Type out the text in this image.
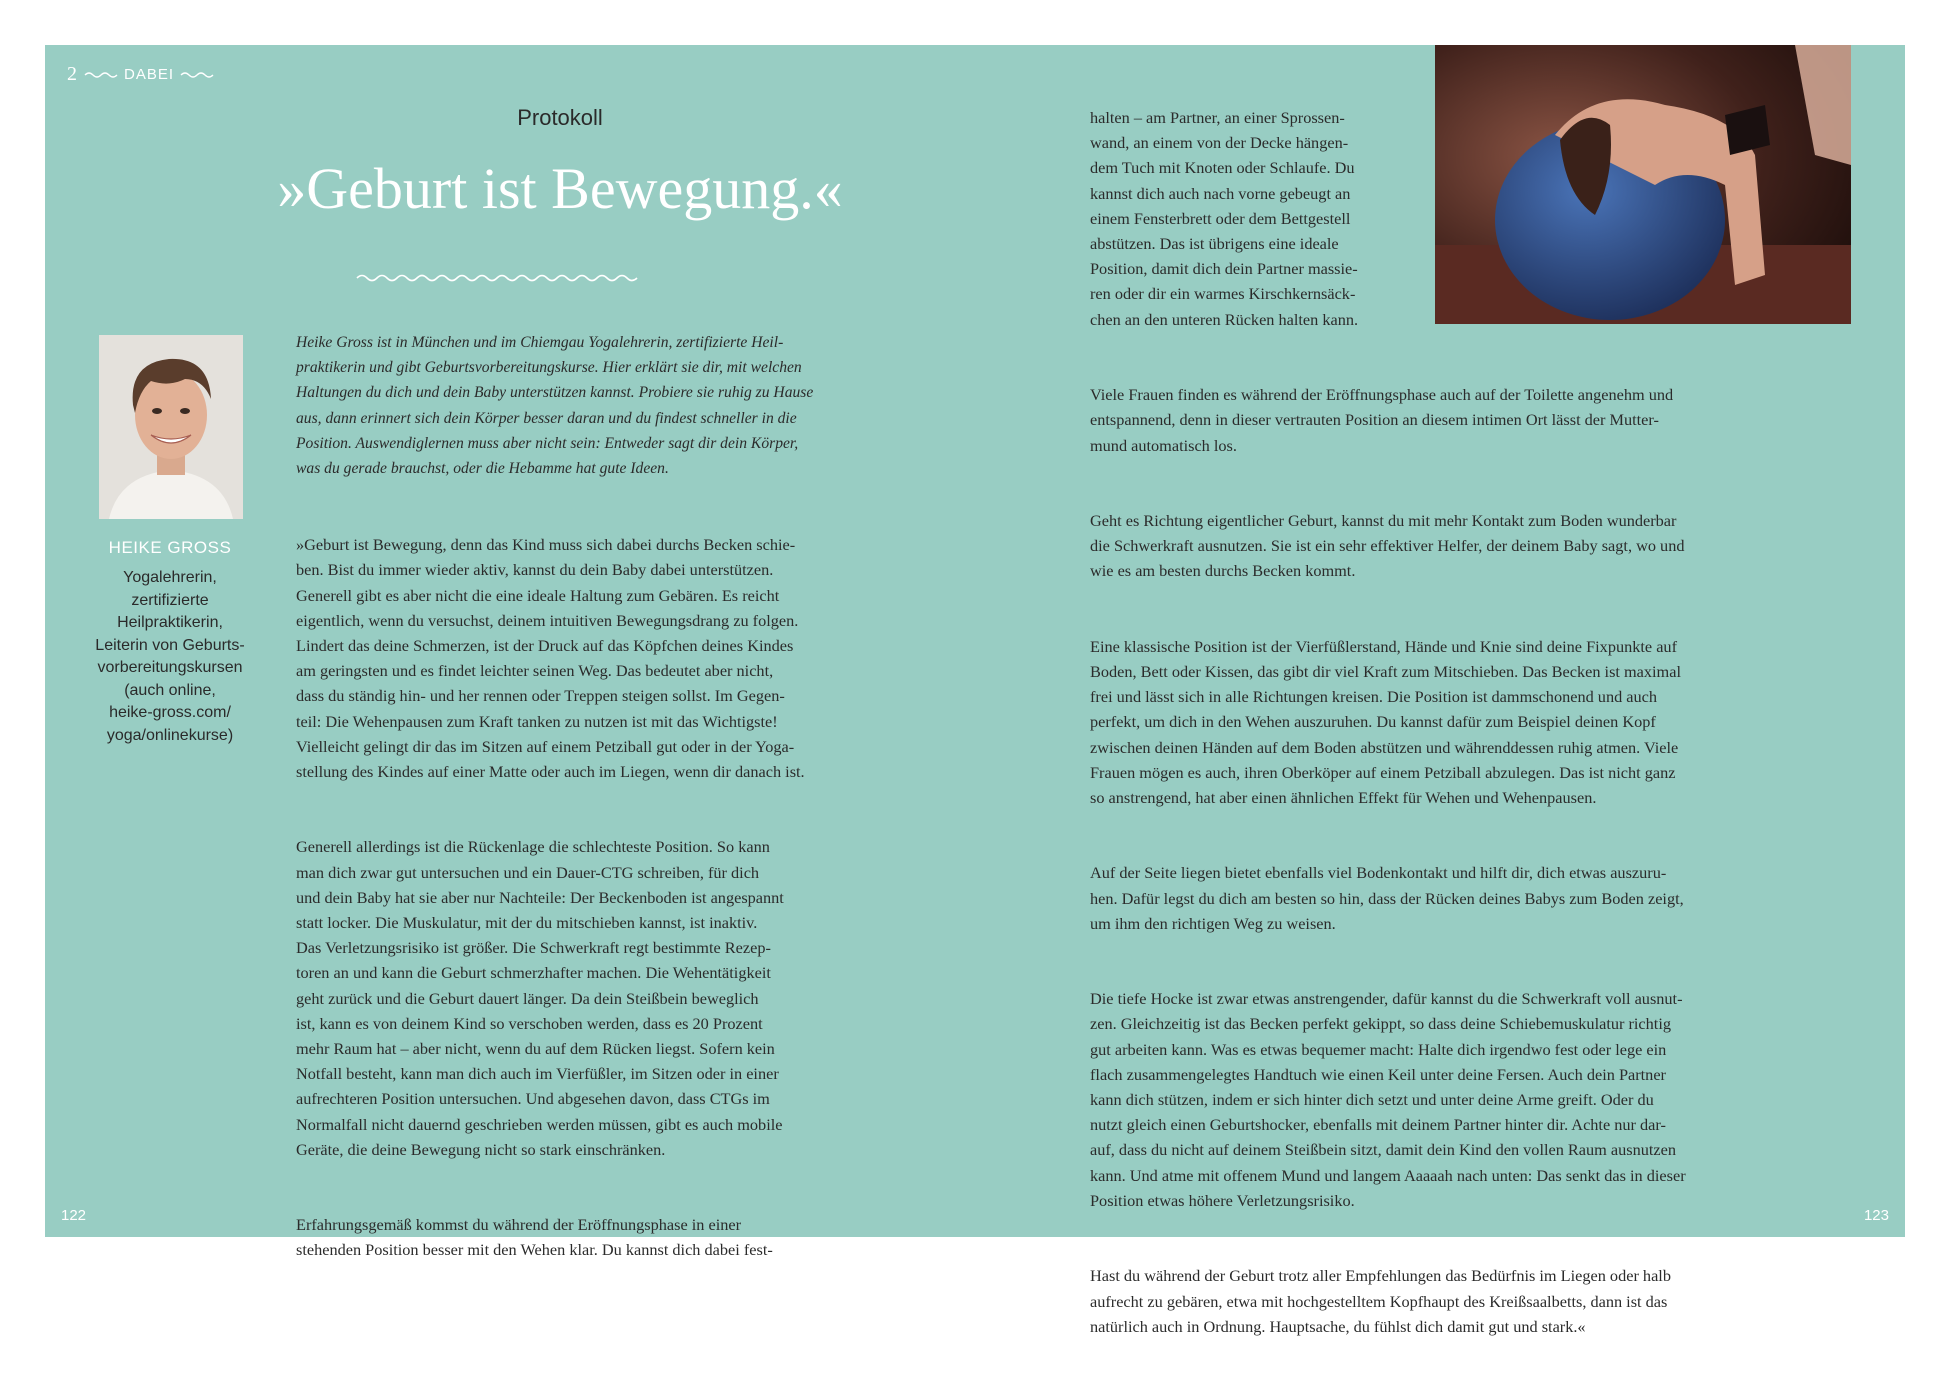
2	DABEI
Protokoll
»Geburt ist Bewegung.«
HEIKE GROSS
Yogalehrerin,
zertifizierte
Heilpraktikerin,
Leiterin von Geburts-
vorbereitungskursen
(auch online,
heike-gross.com/
yoga/onlinekurse)
Heike Gross ist in München und im Chiemgau Yogalehrerin, zertifizierte Heil-
praktikerin und gibt Geburtsvorbereitungskurse. Hier erklärt sie dir, mit welchen
Haltungen du dich und dein Baby unterstützen kannst. Probiere sie ruhig zu Hause
aus, dann erinnert sich dein Körper besser daran und du findest schneller in die
Position. Auswendiglernen muss aber nicht sein: Entweder sagt dir dein Körper,
was du gerade brauchst, oder die Hebamme hat gute Ideen.

»Geburt ist Bewegung, denn das Kind muss sich dabei durchs Becken schie-
ben. Bist du immer wieder aktiv, kannst du dein Baby dabei unterstützen.
Generell gibt es aber nicht die eine ideale Haltung zum Gebären. Es reicht
eigentlich, wenn du versuchst, deinem intuitiven Bewegungsdrang zu folgen.
Lindert das deine Schmerzen, ist der Druck auf das Köpfchen deines Kindes
am geringsten und es findet leichter seinen Weg. Das bedeutet aber nicht,
dass du ständig hin- und her rennen oder Treppen steigen sollst. Im Gegen-
teil: Die Wehenpausen zum Kraft tanken zu nutzen ist mit das Wichtigste!
Vielleicht gelingt dir das im Sitzen auf einem Petziball gut oder in der Yoga-
stellung des Kindes auf einer Matte oder auch im Liegen, wenn dir danach ist.

Generell allerdings ist die Rückenlage die schlechteste Position. So kann
man dich zwar gut untersuchen und ein Dauer-CTG schreiben, für dich
und dein Baby hat sie aber nur Nachteile: Der Beckenboden ist angespannt
statt locker. Die Muskulatur, mit der du mitschieben kannst, ist inaktiv.
Das Verletzungsrisiko ist größer. Die Schwerkraft regt bestimmte Rezep-
toren an und kann die Geburt schmerzhafter machen. Die Wehentätigkeit
geht zurück und die Geburt dauert länger. Da dein Steißbein beweglich
ist, kann es von deinem Kind so verschoben werden, dass es 20 Prozent
mehr Raum hat – aber nicht, wenn du auf dem Rücken liegst. Sofern kein
Notfall besteht, kann man dich auch im Vierfüßler, im Sitzen oder in einer
aufrechteren Position untersuchen. Und abgesehen davon, dass CTGs im
Normalfall nicht dauernd geschrieben werden müssen, gibt es auch mobile
Geräte, die deine Bewegung nicht so stark einschränken.

Erfahrungsgemäß kommst du während der Eröffnungsphase in einer
stehenden Position besser mit den Wehen klar. Du kannst dich dabei fest-

halten – am Partner, an einer Sprossen-
wand, an einem von der Decke hängen-
dem Tuch mit Knoten oder Schlaufe. Du
kannst dich auch nach vorne gebeugt an
einem Fensterbrett oder dem Bettgestell
abstützen. Das ist übrigens eine ideale
Position, damit dich dein Partner massie-
ren oder dir ein warmes Kirschkernsäck-
chen an den unteren Rücken halten kann.

Viele Frauen finden es während der Eröffnungsphase auch auf der Toilette angenehm und
entspannend, denn in dieser vertrauten Position an diesem intimen Ort lässt der Mutter-
mund automatisch los.

Geht es Richtung eigentlicher Geburt, kannst du mit mehr Kontakt zum Boden wunderbar
die Schwerkraft ausnutzen. Sie ist ein sehr effektiver Helfer, der deinem Baby sagt, wo und
wie es am besten durchs Becken kommt.

Eine klassische Position ist der Vierfüßlerstand, Hände und Knie sind deine Fixpunkte auf
Boden, Bett oder Kissen, das gibt dir viel Kraft zum Mitschieben. Das Becken ist maximal
frei und lässt sich in alle Richtungen kreisen. Die Position ist dammschonend und auch
perfekt, um dich in den Wehen auszuruhen. Du kannst dafür zum Beispiel deinen Kopf
zwischen deinen Händen auf dem Boden abstützen und währenddessen ruhig atmen. Viele
Frauen mögen es auch, ihren Oberköper auf einem Petziball abzulegen. Das ist nicht ganz
so anstrengend, hat aber einen ähnlichen Effekt für Wehen und Wehenpausen.

Auf der Seite liegen bietet ebenfalls viel Bodenkontakt und hilft dir, dich etwas auszuru-
hen. Dafür legst du dich am besten so hin, dass der Rücken deines Babys zum Boden zeigt,
um ihm den richtigen Weg zu weisen.

Die tiefe Hocke ist zwar etwas anstrengender, dafür kannst du die Schwerkraft voll ausnut-
zen. Gleichzeitig ist das Becken perfekt gekippt, so dass deine Schiebemuskulatur richtig
gut arbeiten kann. Was es etwas bequemer macht: Halte dich irgendwo fest oder lege ein
flach zusammengelegtes Handtuch wie einen Keil unter deine Fersen. Auch dein Partner
kann dich stützen, indem er sich hinter dich setzt und unter deine Arme greift. Oder du
nutzt gleich einen Geburtshocker, ebenfalls mit deinem Partner hinter dir. Achte nur dar-
auf, dass du nicht auf deinem Steißbein sitzt, damit dein Kind den vollen Raum ausnutzen
kann. Und atme mit offenem Mund und langem Aaaaah nach unten: Das senkt das in dieser
Position etwas höhere Verletzungsrisiko.

Hast du während der Geburt trotz aller Empfehlungen das Bedürfnis im Liegen oder halb
aufrecht zu gebären, etwa mit hochgestelltem Kopfhaupt des Kreißsaalbetts, dann ist das
natürlich auch in Ordnung. Hauptsache, du fühlst dich damit gut und stark.«

122	123
